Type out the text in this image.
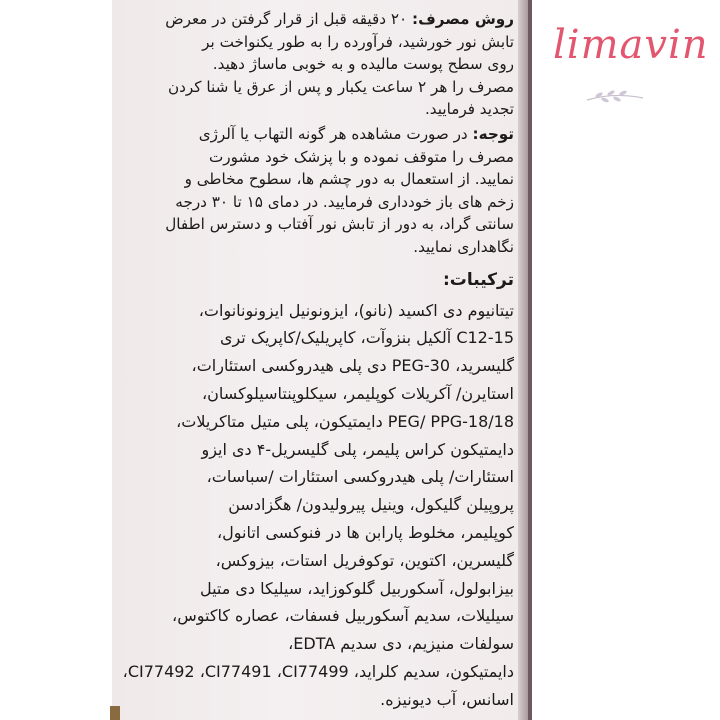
روش مصرف: ۲۰ دقیقه قبل از قرار گرفتن در معرض

تابش نور خورشید، فرآورده را به طور یکنواخت بر

روی سطح پوست مالیده و به خوبی ماساژ دهید.

مصرف را هر ۲ ساعت یکبار و پس از عرق یا شنا کردن

تجدید فرمایید.

توجه: در صورت مشاهده هر گونه التهاب یا آلرژی

مصرف را متوقف نموده و با پزشک خود مشورت

نمایید. از استعمال به دور چشم ها، سطوح مخاطی و

زخم های باز خودداری فرمایید. در دمای ۱۵ تا ۳۰ درجه

سانتی گراد، به دور از تابش نور آفتاب و دسترس اطفال

نگاهداری نمایید.

ترکیبات:
تیتانیوم دی اکسید (نانو)، ایزونونیل ایزونونانوات،
C12-15 آلکیل بنزوآت، کاپریلیک/کاپریک تری
گلیسرید، PEG-30 دی پلی هیدروکسی استئارات،
استایرن/ آکریلات کوپلیمر، سیکلوپنتاسیلوکسان،
PEG/ PPG-18/18 دایمتیکون، پلی متیل متاکریلات،
دایمتیکون کراس پلیمر، پلی گلیسریل-۴ دی ایزو
استئارات/ پلی هیدروکسی استئارات /سباسات،
پروپیلن گلیکول، وینیل پیرولیدون/ هگزادسن
کوپلیمر، مخلوط پارابن ها در فنوکسی اتانول،
گلیسرین، اکتوین، توکوفریل استات، بیزوکس،
بیزابولول، آسکوربیل گلوکوزاید، سیلیکا دی متیل
سیلیلات، سدیم آسکوربیل فسفات، عصاره کاکتوس،
سولفات منیزیم، دی سدیم EDTA،
دایمتیکون، سدیم کلراید، CI77492 ،CI77491 ،CI77499،
اسانس، آب دیونیزه.
limavin
